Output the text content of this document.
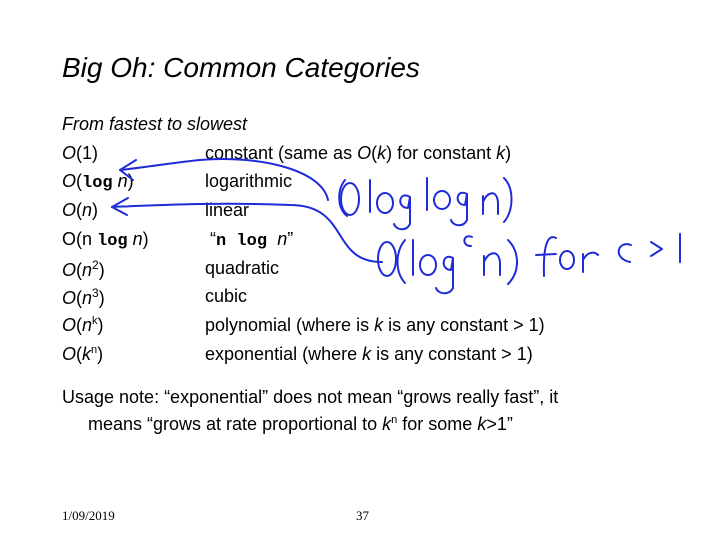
Big Oh: Common Categories
From fastest to slowest
O(1)	constant (same as O(k) for constant k)
O(log n)	logarithmic
O(n)	linear
O(n log n)	“n log n”
$O(n^2)$	quadratic
$O(n^3)$	cubic
$O(n^k)$	polynomial (where is k is any constant > 1)
$O(k^n)$	exponential (where k is any constant > 1)
Usage note: “exponential” does not mean “grows really fast”, it
means “grows at rate proportional to $k^n$ for some k>1”
1/09/2019	37
